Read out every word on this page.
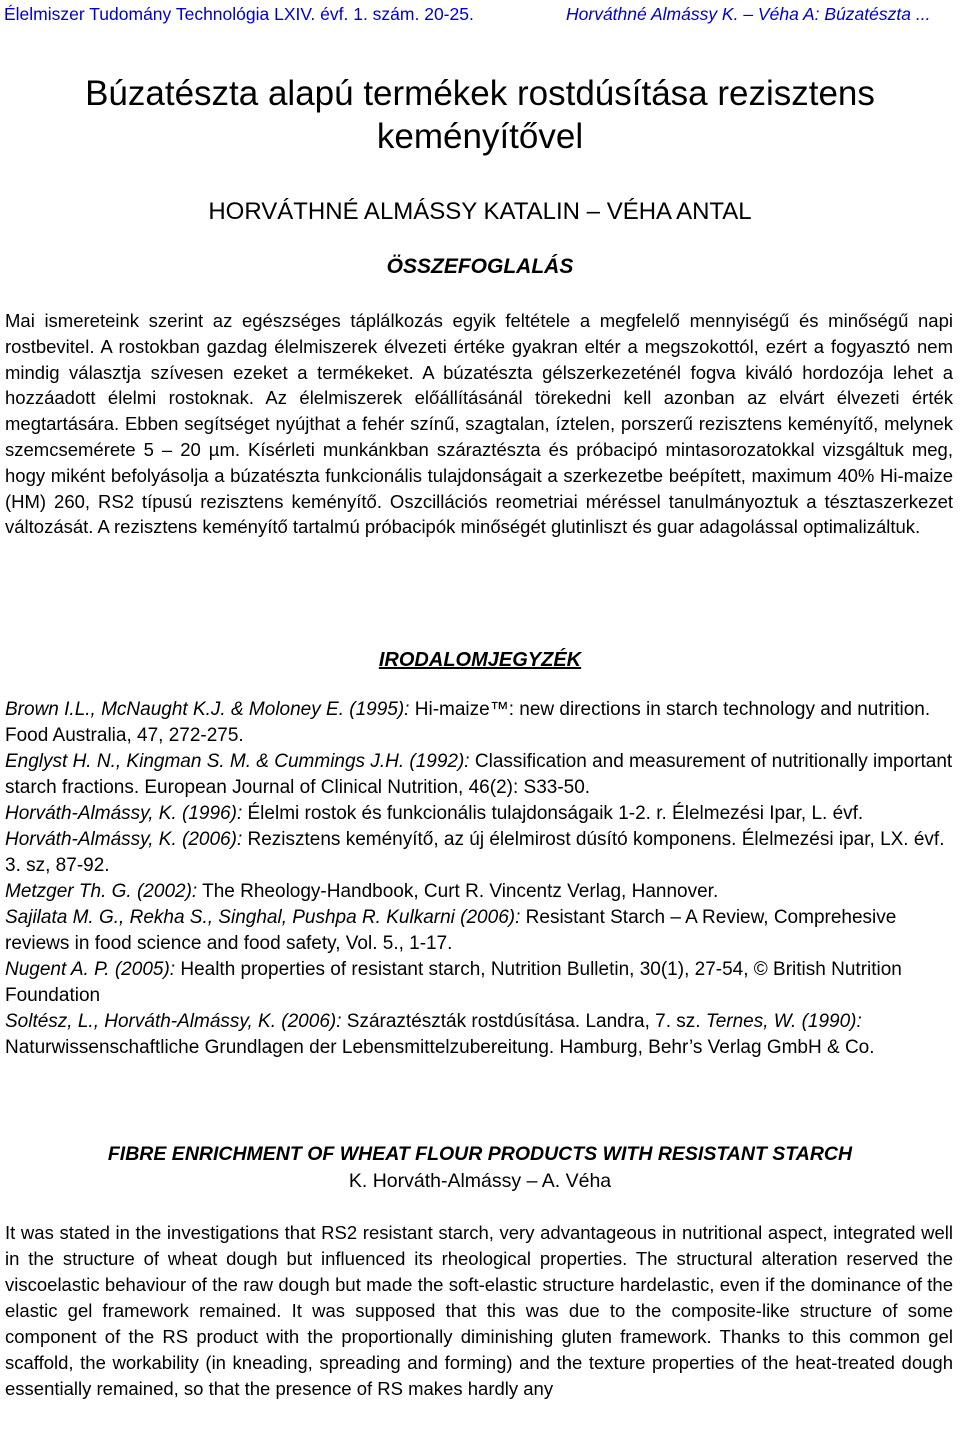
Élelmiszer Tudomány Technológia LXIV. évf. 1. szám. 20-25.	Horváthné Almássy K. – Véha A: Búzatészta ...
Búzatészta alapú termékek rostdúsítása rezisztens keményítővel
HORVÁTHNÉ ALMÁSSY KATALIN – VÉHA ANTAL
ÖSSZEFOGLALÁS

Mai ismereteink szerint az egészséges táplálkozás egyik feltétele a megfelelő mennyiségű és minőségű napi rostbevitel. A rostokban gazdag élelmiszerek élvezeti értéke gyakran eltér a megszokottól, ezért a fogyasztó nem mindig választja szívesen ezeket a termékeket. A búzatészta gélszerkezeténél fogva kiváló hordozója lehet a hozzáadott élelmi rostoknak. Az élelmiszerek előállításánál törekedni kell azonban az elvárt élvezeti érték megtartására. Ebben segítséget nyújthat a fehér színű, szagtalan, íztelen, porszerű rezisztens keményítő, melynek szemcsemérete 5 – 20 µm. Kísérleti munkánkban száraztészta és próbacipó mintasorozatokkal vizsgáltuk meg, hogy miként befolyásolja a búzatészta funkcionális tulajdonságait a szerkezetbe beépített, maximum 40% Hi-maize (HM) 260, RS2 típusú rezisztens keményítő. Oszcillációs reometriai méréssel tanulmányoztuk a tésztaszerkezet változását. A rezisztens keményítő tartalmú próbacipók minőségét glutinliszt és guar adagolással optimalizáltuk.

IRODALOMJEGYZÉK
Brown I.L., McNaught K.J. & Moloney E. (1995): Hi-maize™: new directions in starch technology and nutrition. Food Australia, 47, 272-275.
Englyst H. N., Kingman S. M. & Cummings J.H. (1992): Classification and measurement of nutritionally important starch fractions. European Journal of Clinical Nutrition, 46(2): S33-50.
Horváth-Almássy, K. (1996): Élelmi rostok és funkcionális tulajdonságaik 1-2. r. Élelmezési Ipar, L. évf.
Horváth-Almássy, K. (2006): Rezisztens keményítő, az új élelmirost dúsító komponens. Élelmezési ipar, LX. évf. 3. sz, 87-92.
Metzger Th. G. (2002): The Rheology-Handbook, Curt R. Vincentz Verlag, Hannover.
Sajilata M. G., Rekha S., Singhal, Pushpa R. Kulkarni (2006): Resistant Starch – A Review, Comprehesive reviews in food science and food safety, Vol. 5., 1-17.
Nugent A. P. (2005): Health properties of resistant starch, Nutrition Bulletin, 30(1), 27-54, © British Nutrition Foundation
Soltész, L., Horváth-Almássy, K. (2006): Száraztészták rostdúsítása. Landra, 7. sz. Ternes, W. (1990): Naturwissenschaftliche Grundlagen der Lebensmittelzubereitung. Hamburg, Behr’s Verlag GmbH & Co.
FIBRE ENRICHMENT OF WHEAT FLOUR PRODUCTS WITH RESISTANT STARCH
K. Horváth-Almássy – A. Véha

It was stated in the investigations that RS2 resistant starch, very advantageous in nutritional aspect, integrated well in the structure of wheat dough but influenced its rheological properties. The structural alteration reserved the viscoelastic behaviour of the raw dough but made the soft-elastic structure hardelastic, even if the dominance of the elastic gel framework remained. It was supposed that this was due to the composite-like structure of some component of the RS product with the proportionally diminishing gluten framework. Thanks to this common gel scaffold, the workability (in kneading, spreading and forming) and the texture properties of the heat-treated dough essentially remained, so that the presence of RS makes hardly any
